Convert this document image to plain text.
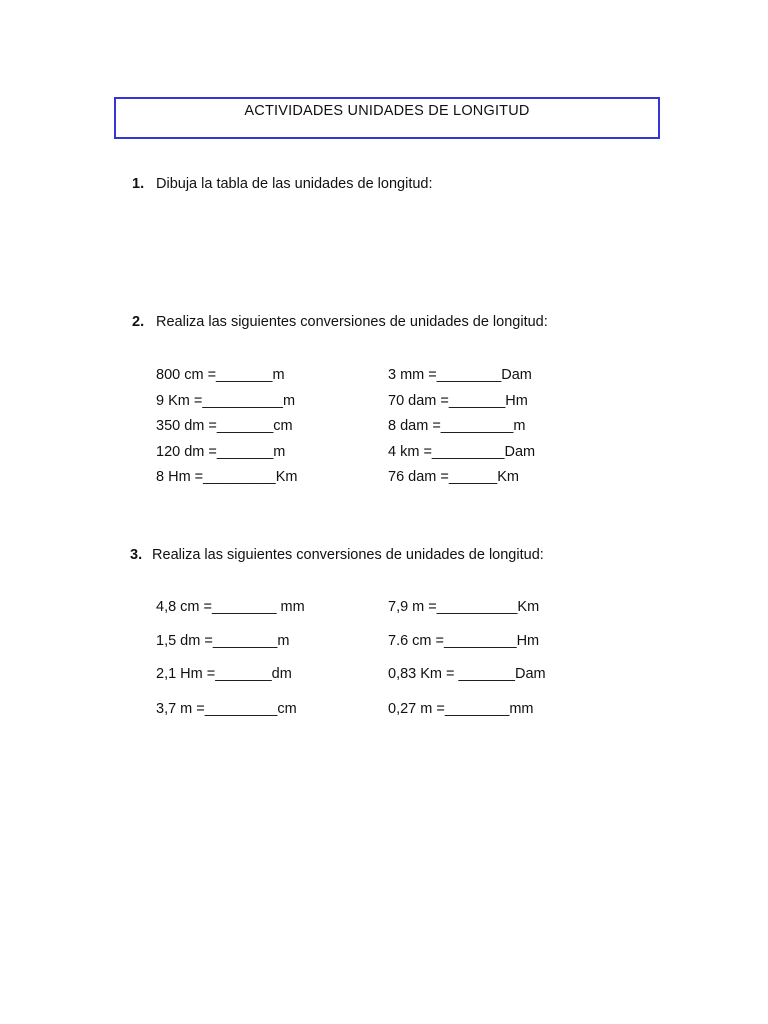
ACTIVIDADES UNIDADES DE LONGITUD
1. Dibuja la tabla de las unidades de longitud:
2. Realiza las siguientes conversiones de unidades de longitud:
800 cm =_______m
9 Km =__________m
350 dm =_______cm
120 dm =_______m
8 Hm =_________Km
3 mm =________Dam
70 dam =_______Hm
8 dam =_________m
4 km =_________Dam
76 dam =______Km
3. Realiza las siguientes conversiones de unidades de longitud:
4,8 cm =________ mm
1,5 dm =________m
2,1 Hm =_______dm
3,7 m =_________cm
7,9 m =__________Km
7.6 cm =_________Hm
0,83 Km = _______Dam
0,27 m =________mm
